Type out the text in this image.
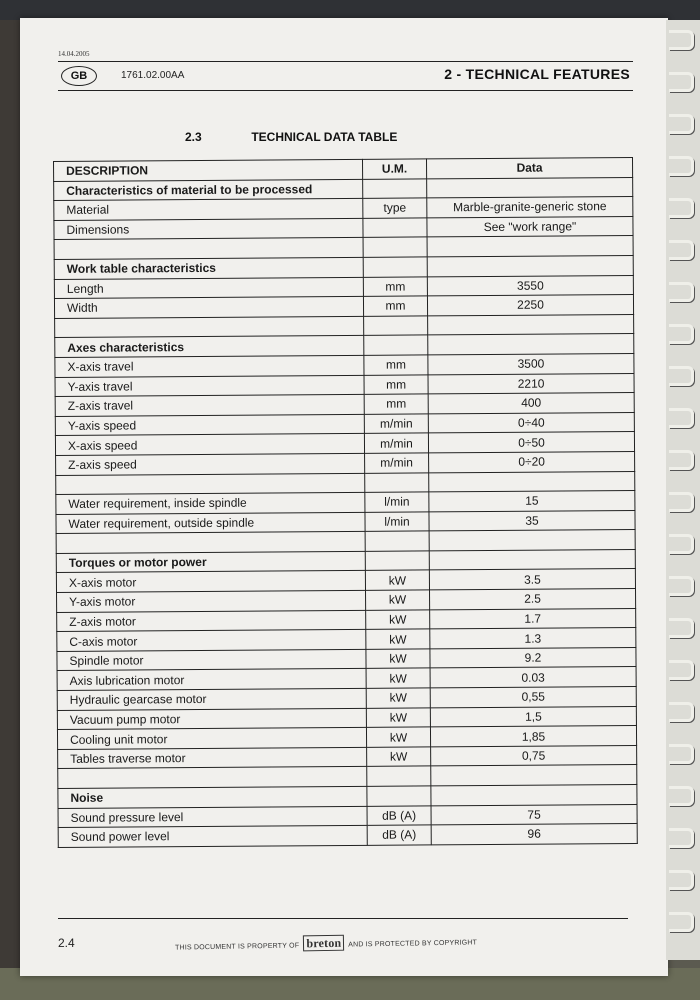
14.04.2005
GB	1761.02.00AA	2 - TECHNICAL FEATURES
2.3	TECHNICAL DATA TABLE
DESCRIPTION	U.M.	Data
Characteristics of material to be processed		
Material	type	Marble-granite-generic stone
Dimensions		See "work range"

Work table characteristics		
Length	mm	3550
Width	mm	2250

Axes characteristics		
X-axis travel	mm	3500
Y-axis travel	mm	2210
Z-axis travel	mm	400
Y-axis speed	m/min	0÷40
X-axis speed	m/min	0÷50
Z-axis speed	m/min	0÷20

Water requirement, inside spindle	l/min	15
Water requirement, outside spindle	l/min	35

Torques or motor power		
X-axis motor	kW	3.5
Y-axis motor	kW	2.5
Z-axis motor	kW	1.7
C-axis motor	kW	1.3
Spindle motor	kW	9.2
Axis lubrication motor	kW	0.03
Hydraulic gearcase motor	kW	0,55
Vacuum pump motor	kW	1,5
Cooling unit motor	kW	1,85
Tables traverse motor	kW	0,75

Noise		
Sound pressure level	dB (A)	75
Sound power level	dB (A)	96
2.4	THIS DOCUMENT IS PROPERTY OF breton AND IS PROTECTED BY COPYRIGHT
